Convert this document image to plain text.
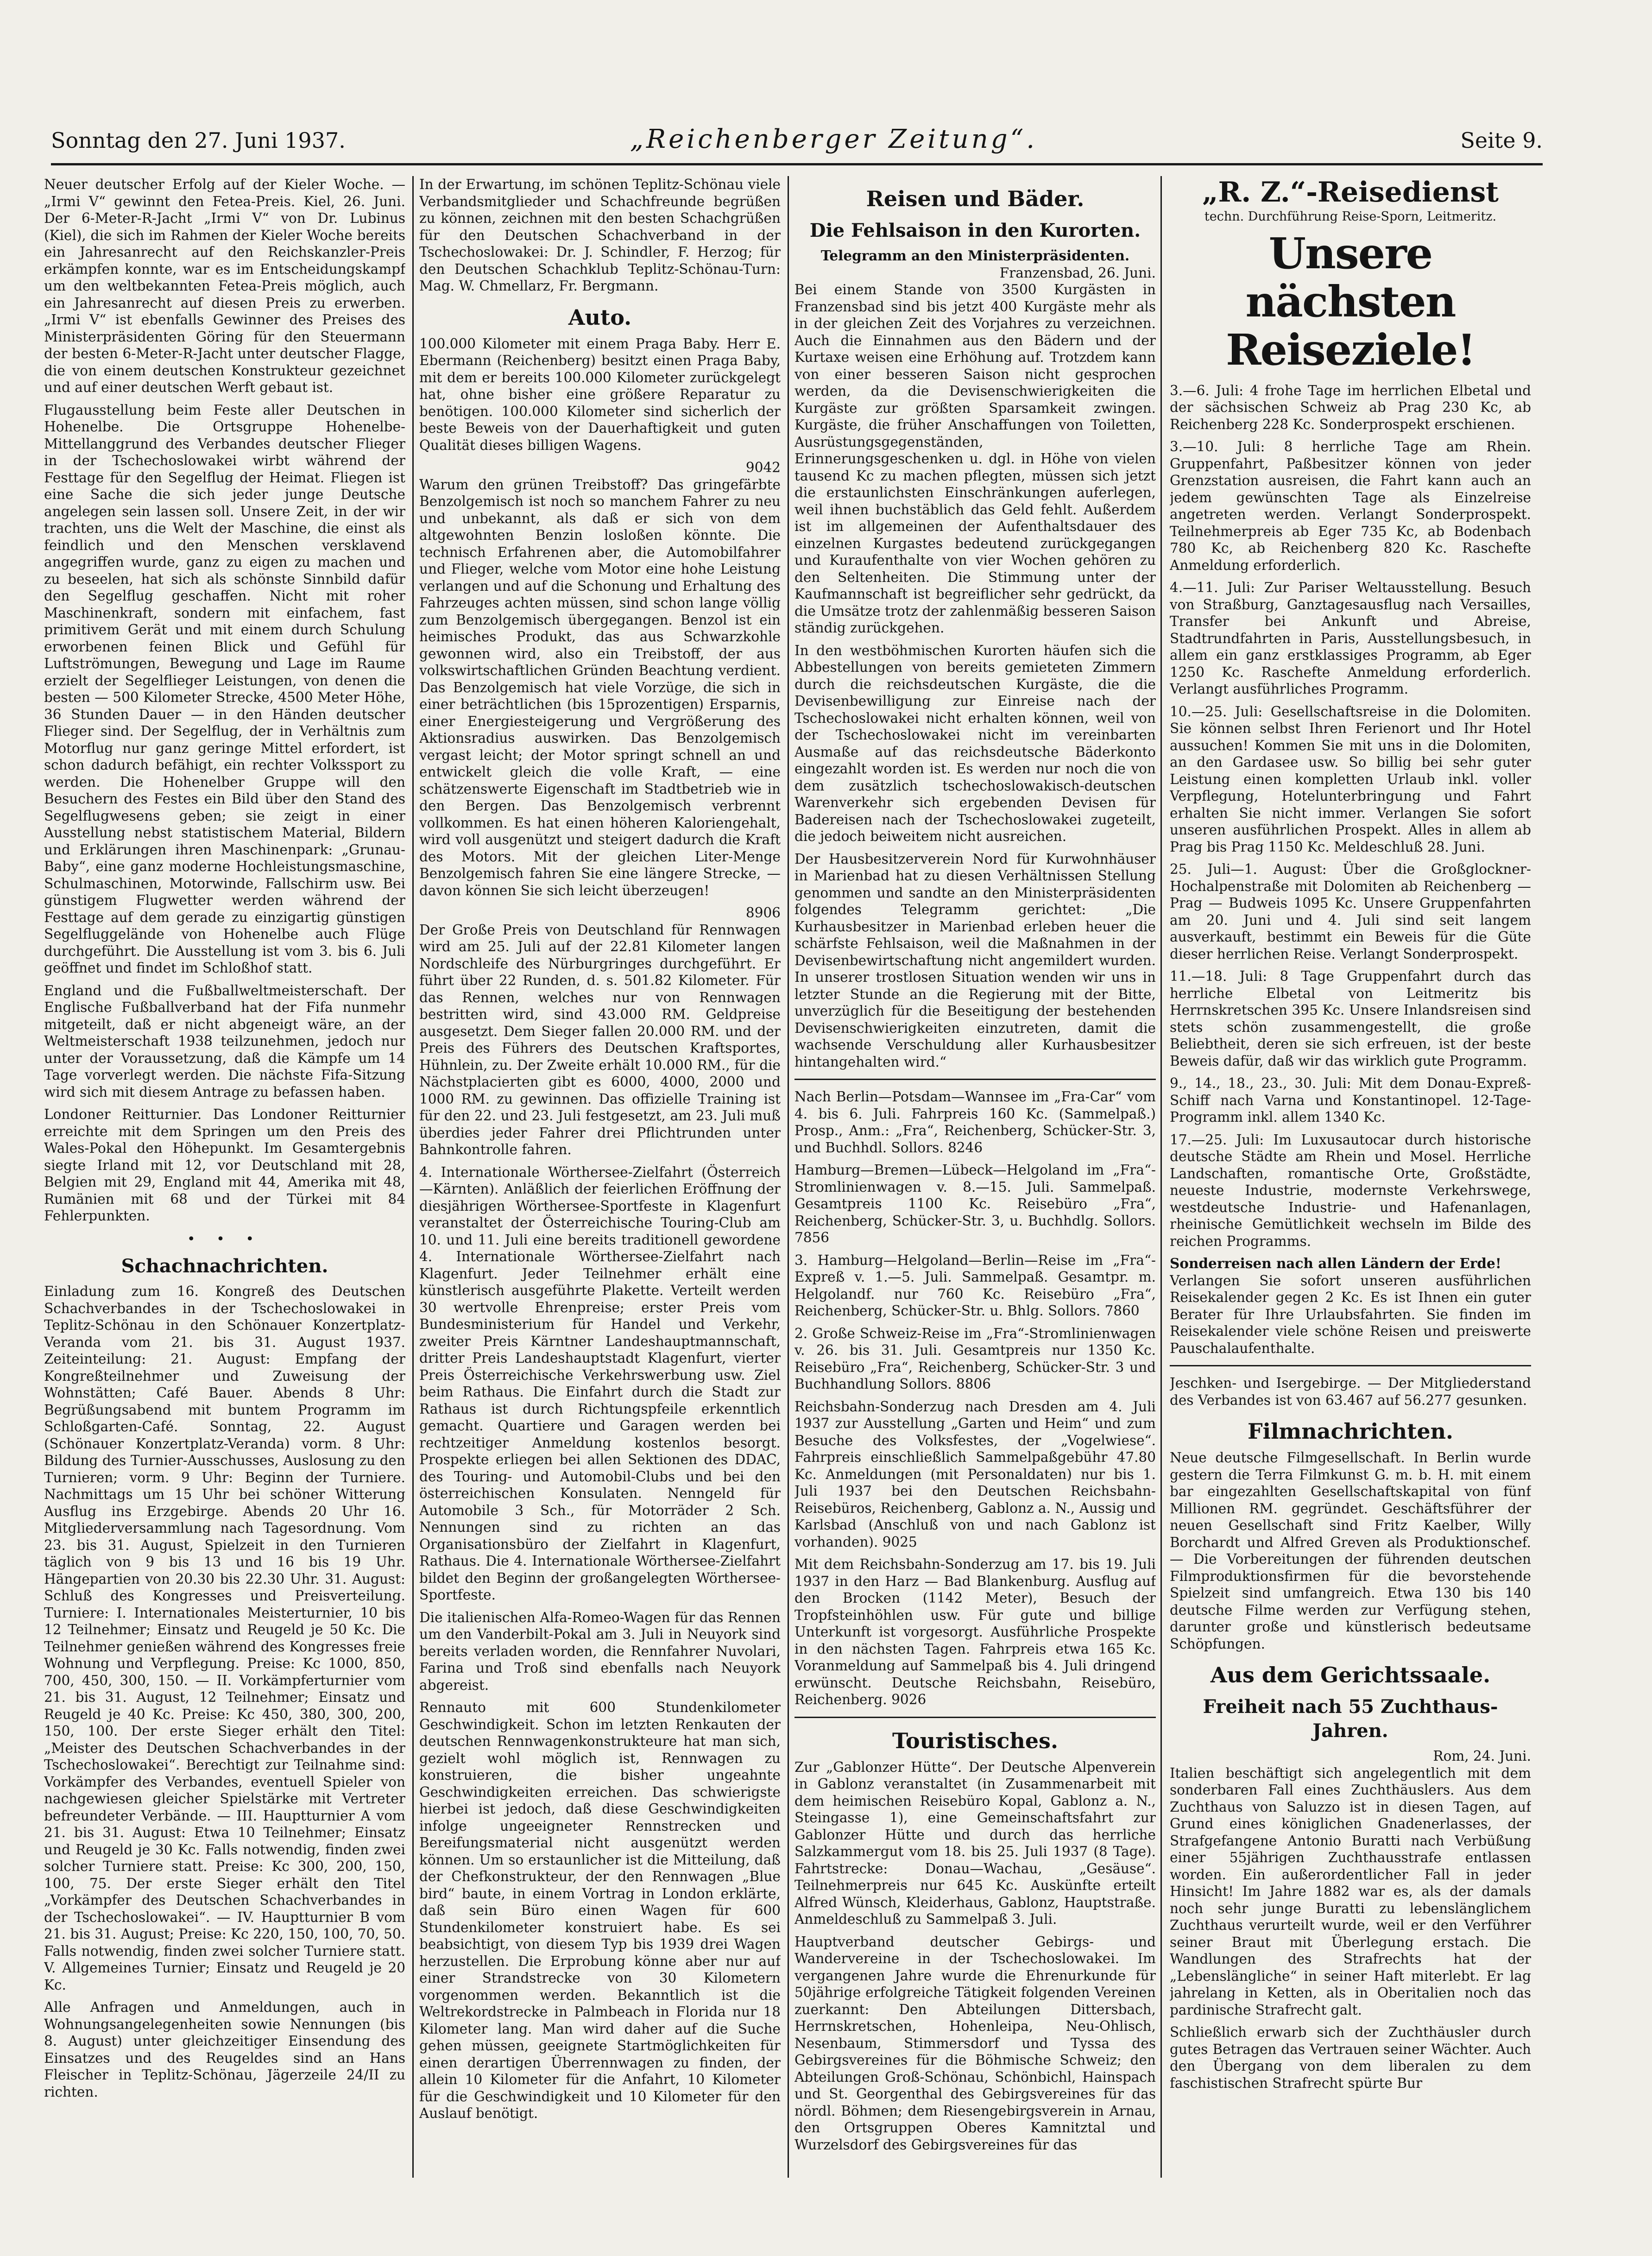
Sonntag den 27. Juni 1937.	„Reichenberger Zeitung“.	Seite 9.

Neuer deutscher Erfolg auf der Kieler Woche. — „Irmi V“ gewinnt den Fetea-Preis. Kiel, 26. Juni. Der 6-Meter-R-Jacht „Irmi V“ von Dr. Lubinus (Kiel), die sich im Rahmen der Kieler Woche bereits ein Jahresanrecht auf den Reichskanzler-Preis erkämpfen konnte, war es im Entscheidungskampf um den weltbekannten Fetea-Preis möglich, auch ein Jahresanrecht auf diesen Preis zu erwerben. „Irmi V“ ist ebenfalls Gewinner des Preises des Ministerpräsidenten Göring für den Steuermann der besten 6-Meter-R-Jacht unter deutscher Flagge, die von einem deutschen Konstrukteur gezeichnet und auf einer deutschen Werft gebaut ist.

Flugausstellung beim Feste aller Deutschen in Hohenelbe. Die Ortsgruppe Hohenelbe-Mittellanggrund des Verbandes deutscher Flieger in der Tschechoslowakei wirbt während der Festtage für den Segelflug der Heimat. Fliegen ist eine Sache die sich jeder junge Deutsche angelegen sein lassen soll. Unsere Zeit, in der wir trachten, uns die Welt der Maschine, die einst als feindlich und den Menschen versklavend angegriffen wurde, ganz zu eigen zu machen und zu beseelen, hat sich als schönste Sinnbild dafür den Segelflug geschaffen. Nicht mit roher Maschinenkraft, sondern mit einfachem, fast primitivem Gerät und mit einem durch Schulung erworbenen feinen Blick und Gefühl für Luftströmungen, Bewegung und Lage im Raume erzielt der Segelflieger Leistungen, von denen die besten — 500 Kilometer Strecke, 4500 Meter Höhe, 36 Stunden Dauer — in den Händen deutscher Flieger sind. Der Segelflug, der in Verhältnis zum Motorflug nur ganz geringe Mittel erfordert, ist schon dadurch befähigt, ein rechter Volkssport zu werden. Die Hohenelber Gruppe will den Besuchern des Festes ein Bild über den Stand des Segelflugwesens geben; sie zeigt in einer Ausstellung nebst statistischem Material, Bildern und Erklärungen ihren Maschinenpark: „Grunau-Baby“, eine ganz moderne Hochleistungsmaschine, Schulmaschinen, Motorwinde, Fallschirm usw. Bei günstigem Flugwetter werden während der Festtage auf dem gerade zu einzigartig günstigen Segelfluggelände von Hohenelbe auch Flüge durchgeführt. Die Ausstellung ist vom 3. bis 6. Juli geöffnet und findet im Schloßhof statt.

England und die Fußballweltmeisterschaft. Der Englische Fußballverband hat der Fifa nunmehr mitgeteilt, daß er nicht abgeneigt wäre, an der Weltmeisterschaft 1938 teilzunehmen, jedoch nur unter der Voraussetzung, daß die Kämpfe um 14 Tage vorverlegt werden. Die nächste Fifa-Sitzung wird sich mit diesem Antrage zu befassen haben.

Londoner Reitturnier. Das Londoner Reitturnier erreichte mit dem Springen um den Preis des Wales-Pokal den Höhepunkt. Im Gesamtergebnis siegte Irland mit 12, vor Deutschland mit 28, Belgien mit 29, England mit 44, Amerika mit 48, Rumänien mit 68 und der Türkei mit 84 Fehlerpunkten.

• • •
Schachnachrichten.

Einladung zum 16. Kongreß des Deutschen Schachverbandes in der Tschechoslowakei in Teplitz-Schönau in den Schönauer Konzertplatz-Veranda vom 21. bis 31. August 1937. Zeiteinteilung: 21. August: Empfang der Kongreßteilnehmer und Zuweisung der Wohnstätten; Café Bauer. Abends 8 Uhr: Begrüßungsabend mit buntem Programm im Schloßgarten-Café. Sonntag, 22. August (Schönauer Konzertplatz-Veranda) vorm. 8 Uhr: Bildung des Turnier-Ausschusses, Auslosung zu den Turnieren; vorm. 9 Uhr: Beginn der Turniere. Nachmittags um 15 Uhr bei schöner Witterung Ausflug ins Erzgebirge. Abends 20 Uhr 16. Mitgliederversammlung nach Tagesordnung. Vom 23. bis 31. August, Spielzeit in den Turnieren täglich von 9 bis 13 und 16 bis 19 Uhr. Hängepartien von 20.30 bis 22.30 Uhr. 31. August: Schluß des Kongresses und Preisverteilung. Turniere: I. Internationales Meisterturnier, 10 bis 12 Teilnehmer; Einsatz und Reugeld je 50 Kc. Die Teilnehmer genießen während des Kongresses freie Wohnung und Verpflegung. Preise: Kc 1000, 850, 700, 450, 300, 150. — II. Vorkämpferturnier vom 21. bis 31. August, 12 Teilnehmer; Einsatz und Reugeld je 40 Kc. Preise: Kc 450, 380, 300, 200, 150, 100. Der erste Sieger erhält den Titel: „Meister des Deutschen Schachverbandes in der Tschechoslowakei“. Berechtigt zur Teilnahme sind: Vorkämpfer des Verbandes, eventuell Spieler von nachgewiesen gleicher Spielstärke mit Vertreter befreundeter Verbände. — III. Hauptturnier A vom 21. bis 31. August: Etwa 10 Teilnehmer; Einsatz und Reugeld je 30 Kc. Falls notwendig, finden zwei solcher Turniere statt. Preise: Kc 300, 200, 150, 100, 75. Der erste Sieger erhält den Titel „Vorkämpfer des Deutschen Schachverbandes in der Tschechoslowakei“. — IV. Hauptturnier B vom 21. bis 31. August; Preise: Kc 220, 150, 100, 70, 50. Falls notwendig, finden zwei solcher Turniere statt. V. Allgemeines Turnier; Einsatz und Reugeld je 20 Kc.

Alle Anfragen und Anmeldungen, auch in Wohnungsangelegenheiten sowie Nennungen (bis 8. August) unter gleichzeitiger Einsendung des Einsatzes und des Reugeldes sind an Hans Fleischer in Teplitz-Schönau, Jägerzeile 24/II zu richten.

In der Erwartung, im schönen Teplitz-Schönau viele Verbandsmitglieder und Schachfreunde begrüßen zu können, zeichnen mit den besten Schachgrüßen für den Deutschen Schachverband in der Tschechoslowakei: Dr. J. Schindler, F. Herzog; für den Deutschen Schachklub Teplitz-Schönau-Turn: Mag. W. Chmellarz, Fr. Bergmann.

Auto.

100.000 Kilometer mit einem Praga Baby. Herr E. Ebermann (Reichenberg) besitzt einen Praga Baby, mit dem er bereits 100.000 Kilometer zurückgelegt hat, ohne bisher eine größere Reparatur zu benötigen. 100.000 Kilometer sind sicherlich der beste Beweis von der Dauerhaftigkeit und guten Qualität dieses billigen Wagens.

9042

Warum den grünen Treibstoff? Das gringefärbte Benzolgemisch ist noch so manchem Fahrer zu neu und unbekannt, als daß er sich von dem altgewohnten Benzin losloßen könnte. Die technisch Erfahrenen aber, die Automobilfahrer und Flieger, welche vom Motor eine hohe Leistung verlangen und auf die Schonung und Erhaltung des Fahrzeuges achten müssen, sind schon lange völlig zum Benzolgemisch übergegangen. Benzol ist ein heimisches Produkt, das aus Schwarzkohle gewonnen wird, also ein Treibstoff, der aus volkswirtschaftlichen Gründen Beachtung verdient. Das Benzolgemisch hat viele Vorzüge, die sich in einer beträchtlichen (bis 15prozentigen) Ersparnis, einer Energiesteigerung und Vergrößerung des Aktionsradius auswirken. Das Benzolgemisch vergast leicht; der Motor springt schnell an und entwickelt gleich die volle Kraft, — eine schätzenswerte Eigenschaft im Stadtbetrieb wie in den Bergen. Das Benzolgemisch verbrennt vollkommen. Es hat einen höheren Kaloriengehalt, wird voll ausgenützt und steigert dadurch die Kraft des Motors. Mit der gleichen Liter-Menge Benzolgemisch fahren Sie eine längere Strecke, — davon können Sie sich leicht überzeugen!

8906

Der Große Preis von Deutschland für Rennwagen wird am 25. Juli auf der 22.81 Kilometer langen Nordschleife des Nürburgringes durchgeführt. Er führt über 22 Runden, d. s. 501.82 Kilometer. Für das Rennen, welches nur von Rennwagen bestritten wird, sind 43.000 RM. Geldpreise ausgesetzt. Dem Sieger fallen 20.000 RM. und der Preis des Führers des Deutschen Kraftsportes, Hühnlein, zu. Der Zweite erhält 10.000 RM., für die Nächstplacierten gibt es 6000, 4000, 2000 und 1000 RM. zu gewinnen. Das offizielle Training ist für den 22. und 23. Juli festgesetzt, am 23. Juli muß überdies jeder Fahrer drei Pflichtrunden unter Bahnkontrolle fahren.

4. Internationale Wörthersee-Zielfahrt (Österreich—Kärnten). Anläßlich der feierlichen Eröffnung der diesjährigen Wörthersee-Sportfeste in Klagenfurt veranstaltet der Österreichische Touring-Club am 10. und 11. Juli eine bereits traditionell gewordene 4. Internationale Wörthersee-Zielfahrt nach Klagenfurt. Jeder Teilnehmer erhält eine künstlerisch ausgeführte Plakette. Verteilt werden 30 wertvolle Ehrenpreise; erster Preis vom Bundesministerium für Handel und Verkehr, zweiter Preis Kärntner Landeshauptmannschaft, dritter Preis Landeshauptstadt Klagenfurt, vierter Preis Österreichische Verkehrswerbung usw. Ziel beim Rathaus. Die Einfahrt durch die Stadt zur Rathaus ist durch Richtungspfeile erkenntlich gemacht. Quartiere und Garagen werden bei rechtzeitiger Anmeldung kostenlos besorgt. Prospekte erliegen bei allen Sektionen des DDAC, des Touring- und Automobil-Clubs und bei den österreichischen Konsulaten. Nenngeld für Automobile 3 Sch., für Motorräder 2 Sch. Nennungen sind zu richten an das Organisationsbüro der Zielfahrt in Klagenfurt, Rathaus. Die 4. Internationale Wörthersee-Zielfahrt bildet den Beginn der großangelegten Wörthersee-Sportfeste.

Die italienischen Alfa-Romeo-Wagen für das Rennen um den Vanderbilt-Pokal am 3. Juli in Neuyork sind bereits verladen worden, die Rennfahrer Nuvolari, Farina und Troß sind ebenfalls nach Neuyork abgereist.

Rennauto mit 600 Stundenkilometer Geschwindigkeit. Schon im letzten Renkauten der deutschen Rennwagenkonstrukteure hat man sich, gezielt wohl möglich ist, Rennwagen zu konstruieren, die bisher ungeahnte Geschwindigkeiten erreichen. Das schwierigste hierbei ist jedoch, daß diese Geschwindigkeiten infolge ungeeigneter Rennstrecken und Bereifungsmaterial nicht ausgenützt werden können. Um so erstaunlicher ist die Mitteilung, daß der Chefkonstrukteur, der den Rennwagen „Blue bird“ baute, in einem Vortrag in London erklärte, daß sein Büro einen Wagen für 600 Stundenkilometer konstruiert habe. Es sei beabsichtigt, von diesem Typ bis 1939 drei Wagen herzustellen. Die Erprobung könne aber nur auf einer Strandstrecke von 30 Kilometern vorgenommen werden. Bekanntlich ist die Weltrekordstrecke in Palmbeach in Florida nur 18 Kilometer lang. Man wird daher auf die Suche gehen müssen, geeignete Startmöglichkeiten für einen derartigen Überrennwagen zu finden, der allein 10 Kilometer für die Anfahrt, 10 Kilometer für die Geschwindigkeit und 10 Kilometer für den Auslauf benötigt.

Reisen und Bäder.
Die Fehlsaison in den Kurorten.
Telegramm an den Ministerpräsidenten.
Franzensbad, 26. Juni.

Bei einem Stande von 3500 Kurgästen in Franzensbad sind bis jetzt 400 Kurgäste mehr als in der gleichen Zeit des Vorjahres zu verzeichnen. Auch die Einnahmen aus den Bädern und der Kurtaxe weisen eine Erhöhung auf. Trotzdem kann von einer besseren Saison nicht gesprochen werden, da die Devisenschwierigkeiten die Kurgäste zur größten Sparsamkeit zwingen. Kurgäste, die früher Anschaffungen von Toiletten, Ausrüstungsgegenständen, Erinnerungsgeschenken u. dgl. in Höhe von vielen tausend Kc zu machen pflegten, müssen sich jetzt die erstaunlichsten Einschränkungen auferlegen, weil ihnen buchstäblich das Geld fehlt. Außerdem ist im allgemeinen der Aufenthaltsdauer des einzelnen Kurgastes bedeutend zurückgegangen und Kuraufenthalte von vier Wochen gehören zu den Seltenheiten. Die Stimmung unter der Kaufmannschaft ist begreiflicher sehr gedrückt, da die Umsätze trotz der zahlenmäßig besseren Saison ständig zurückgehen.

In den westböhmischen Kurorten häufen sich die Abbestellungen von bereits gemieteten Zimmern durch die reichsdeutschen Kurgäste, die die Devisenbewilligung zur Einreise nach der Tschechoslowakei nicht erhalten können, weil von der Tschechoslowakei nicht im vereinbarten Ausmaße auf das reichsdeutsche Bäderkonto eingezahlt worden ist. Es werden nur noch die von dem zusätzlich tschechoslowakisch-deutschen Warenverkehr sich ergebenden Devisen für Badereisen nach der Tschechoslowakei zugeteilt, die jedoch beiweitem nicht ausreichen.

Der Hausbesitzerverein Nord für Kurwohnhäuser in Marienbad hat zu diesen Verhältnissen Stellung genommen und sandte an den Ministerpräsidenten folgendes Telegramm gerichtet: „Die Kurhausbesitzer in Marienbad erleben heuer die schärfste Fehlsaison, weil die Maßnahmen in der Devisenbewirtschaftung nicht angemildert wurden. In unserer trostlosen Situation wenden wir uns in letzter Stunde an die Regierung mit der Bitte, unverzüglich für die Beseitigung der bestehenden Devisenschwierigkeiten einzutreten, damit die wachsende Verschuldung aller Kurhausbesitzer hintangehalten wird.“

Nach Berlin—Potsdam—Wannsee im „Fra-Car“ vom 4. bis 6. Juli. Fahrpreis 160 Kc. (Sammelpaß.) Prosp., Anm.: „Fra“, Reichenberg, Schücker-Str. 3, und Buchhdl. Sollors. 8246

Hamburg—Bremen—Lübeck—Helgoland im „Fra“-Stromlinienwagen v. 8.—15. Juli. Sammelpaß. Gesamtpreis 1100 Kc. Reisebüro „Fra“, Reichenberg, Schücker-Str. 3, u. Buchhdlg. Sollors. 7856

3. Hamburg—Helgoland—Berlin—Reise im „Fra“-Expreß v. 1.—5. Juli. Sammelpaß. Gesamtpr. m. Helgolandf. nur 760 Kc. Reisebüro „Fra“, Reichenberg, Schücker-Str. u. Bhlg. Sollors. 7860

2. Große Schweiz-Reise im „Fra“-Stromlinienwagen v. 26. bis 31. Juli. Gesamtpreis nur 1350 Kc. Reisebüro „Fra“, Reichenberg, Schücker-Str. 3 und Buchhandlung Sollors. 8806

Reichsbahn-Sonderzug nach Dresden am 4. Juli 1937 zur Ausstellung „Garten und Heim“ und zum Besuche des Volksfestes, der „Vogelwiese“. Fahrpreis einschließlich Sammelpaßgebühr 47.80 Kc. Anmeldungen (mit Personaldaten) nur bis 1. Juli 1937 bei den Deutschen Reichsbahn-Reisebüros, Reichenberg, Gablonz a. N., Aussig und Karlsbad (Anschluß von und nach Gablonz ist vorhanden). 9025

Mit dem Reichsbahn-Sonderzug am 17. bis 19. Juli 1937 in den Harz — Bad Blankenburg. Ausflug auf den Brocken (1142 Meter), Besuch der Tropfsteinhöhlen usw. Für gute und billige Unterkunft ist vorgesorgt. Ausführliche Prospekte in den nächsten Tagen. Fahrpreis etwa 165 Kc. Voranmeldung auf Sammelpaß bis 4. Juli dringend erwünscht. Deutsche Reichsbahn, Reisebüro, Reichenberg. 9026

Touristisches.

Zur „Gablonzer Hütte“. Der Deutsche Alpenverein in Gablonz veranstaltet (in Zusammenarbeit mit dem heimischen Reisebüro Kopal, Gablonz a. N., Steingasse 1), eine Gemeinschaftsfahrt zur Gablonzer Hütte und durch das herrliche Salzkammergut vom 18. bis 25. Juli 1937 (8 Tage). Fahrtstrecke: Donau—Wachau, „Gesäuse“. Teilnehmerpreis nur 645 Kc. Auskünfte erteilt Alfred Wünsch, Kleiderhaus, Gablonz, Hauptstraße. Anmeldeschluß zu Sammelpaß 3. Juli.

Hauptverband deutscher Gebirgs- und Wandervereine in der Tschechoslowakei. Im vergangenen Jahre wurde die Ehrenurkunde für 50jährige erfolgreiche Tätigkeit folgenden Vereinen zuerkannt: Den Abteilungen Dittersbach, Herrnskretschen, Hohenleipa, Neu-Ohlisch, Nesenbaum, Stimmersdorf und Tyssa des Gebirgsvereines für die Böhmische Schweiz; den Abteilungen Groß-Schönau, Schönbichl, Hainspach und St. Georgenthal des Gebirgsvereines für das nördl. Böhmen; dem Riesengebirgsverein in Arnau, den Ortsgruppen Oberes Kamnitztal und Wurzelsdorf des Gebirgsvereines für das

„R. Z.“-Reisedienst
techn. Durchführung Reise-Sporn, Leitmeritz.
Unsere nächsten Reiseziele!

3.—6. Juli: 4 frohe Tage im herrlichen Elbetal und der sächsischen Schweiz ab Prag 230 Kc, ab Reichenberg 228 Kc. Sonderprospekt erschienen.

3.—10. Juli: 8 herrliche Tage am Rhein. Gruppenfahrt, Paßbesitzer können von jeder Grenzstation ausreisen, die Fahrt kann auch an jedem gewünschten Tage als Einzelreise angetreten werden. Verlangt Sonderprospekt. Teilnehmerpreis ab Eger 735 Kc, ab Bodenbach 780 Kc, ab Reichenberg 820 Kc. Raschefte Anmeldung erforderlich.

4.—11. Juli: Zur Pariser Weltausstellung. Besuch von Straßburg, Ganztagesausflug nach Versailles, Transfer bei Ankunft und Abreise, Stadtrundfahrten in Paris, Ausstellungsbesuch, in allem ein ganz erstklassiges Programm, ab Eger 1250 Kc. Raschefte Anmeldung erforderlich. Verlangt ausführliches Programm.

10.—25. Juli: Gesellschaftsreise in die Dolomiten. Sie können selbst Ihren Ferienort und Ihr Hotel aussuchen! Kommen Sie mit uns in die Dolomiten, an den Gardasee usw. So billig bei sehr guter Leistung einen kompletten Urlaub inkl. voller Verpflegung, Hotelunterbringung und Fahrt erhalten Sie nicht immer. Verlangen Sie sofort unseren ausführlichen Prospekt. Alles in allem ab Prag bis Prag 1150 Kc. Meldeschluß 28. Juni.

25. Juli—1. August: Über die Großglockner-Hochalpenstraße mit Dolomiten ab Reichenberg — Prag — Budweis 1095 Kc. Unsere Gruppenfahrten am 20. Juni und 4. Juli sind seit langem ausverkauft, bestimmt ein Beweis für die Güte dieser herrlichen Reise. Verlangt Sonderprospekt.

11.—18. Juli: 8 Tage Gruppenfahrt durch das herrliche Elbetal von Leitmeritz bis Herrnskretschen 395 Kc. Unsere Inlandsreisen sind stets schön zusammengestellt, die große Beliebtheit, deren sie sich erfreuen, ist der beste Beweis dafür, daß wir das wirklich gute Programm.

9., 14., 18., 23., 30. Juli: Mit dem Donau-Expreß-Schiff nach Varna und Konstantinopel. 12-Tage-Programm inkl. allem 1340 Kc.

17.—25. Juli: Im Luxusautocar durch historische deutsche Städte am Rhein und Mosel. Herrliche Landschaften, romantische Orte, Großstädte, neueste Industrie, modernste Verkehrswege, westdeutsche Industrie- und Hafenanlagen, rheinische Gemütlichkeit wechseln im Bilde des reichen Programms.

Sonderreisen nach allen Ländern der Erde!

Verlangen Sie sofort unseren ausführlichen Reisekalender gegen 2 Kc. Es ist Ihnen ein guter Berater für Ihre Urlaubsfahrten. Sie finden im Reisekalender viele schöne Reisen und preiswerte Pauschalaufenthalte.

Jeschken- und Isergebirge. — Der Mitgliederstand des Verbandes ist von 63.467 auf 56.277 gesunken.

Filmnachrichten.

Neue deutsche Filmgesellschaft. In Berlin wurde gestern die Terra Filmkunst G. m. b. H. mit einem bar eingezahlten Gesellschaftskapital von fünf Millionen RM. gegründet. Geschäftsführer der neuen Gesellschaft sind Fritz Kaelber, Willy Borchardt und Alfred Greven als Produktionschef. — Die Vorbereitungen der führenden deutschen Filmproduktionsfirmen für die bevorstehende Spielzeit sind umfangreich. Etwa 130 bis 140 deutsche Filme werden zur Verfügung stehen, darunter große und künstlerisch bedeutsame Schöpfungen.

Aus dem Gerichtssaale.
Freiheit nach 55 Zuchthaus-Jahren.
Rom, 24. Juni.

Italien beschäftigt sich angelegentlich mit dem sonderbaren Fall eines Zuchthäuslers. Aus dem Zuchthaus von Saluzzo ist in diesen Tagen, auf Grund eines königlichen Gnadenerlasses, der Strafgefangene Antonio Buratti nach Verbüßung einer 55jährigen Zuchthausstrafe entlassen worden. Ein außerordentlicher Fall in jeder Hinsicht! Im Jahre 1882 war es, als der damals noch sehr junge Buratti zu lebenslänglichem Zuchthaus verurteilt wurde, weil er den Verführer seiner Braut mit Überlegung erstach. Die Wandlungen des Strafrechts hat der „Lebenslängliche“ in seiner Haft miterlebt. Er lag jahrelang in Ketten, als in Oberitalien noch das pardinische Strafrecht galt.

Schließlich erwarb sich der Zuchthäusler durch gutes Betragen das Vertrauen seiner Wächter. Auch den Übergang von dem liberalen zu dem faschistischen Strafrecht spürte Bur
